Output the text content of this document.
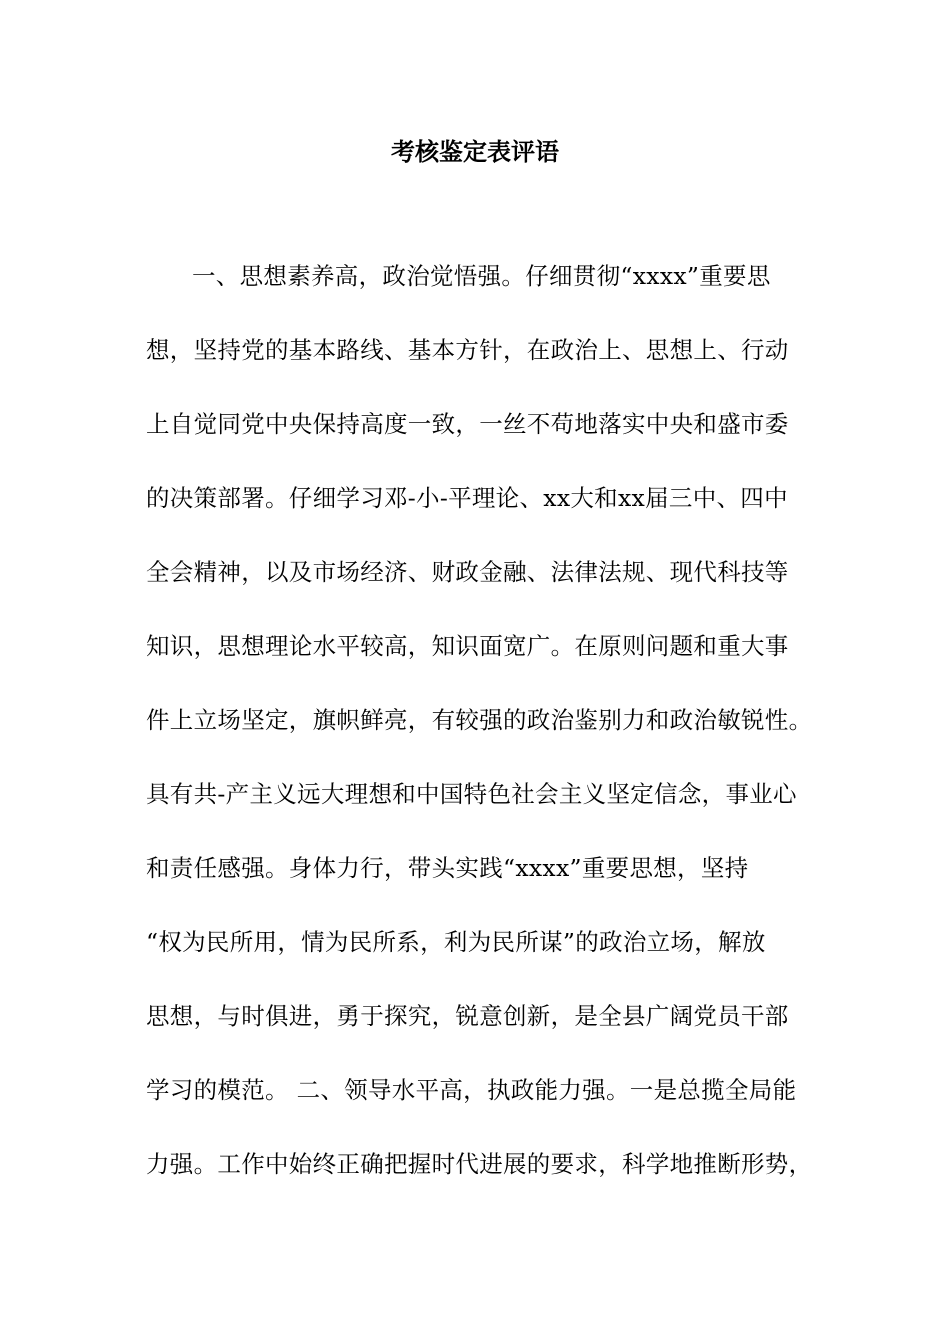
考核鉴定表评语
一、思想素养高，政治觉悟强。仔细贯彻“xxxx”重要思
想，坚持党的基本路线、基本方针，在政治上、思想上、行动
上自觉同党中央保持高度一致，一丝不苟地落实中央和盛市委
的决策部署。仔细学习邓-小-平理论、xx大和xx届三中、四中
全会精神，以及市场经济、财政金融、法律法规、现代科技等
知识，思想理论水平较高，知识面宽广。在原则问题和重大事
件上立场坚定，旗帜鲜亮，有较强的政治鉴别力和政治敏锐性。
具有共-产主义远大理想和中国特色社会主义坚定信念，事业心
和责任感强。身体力行，带头实践“xxxx”重要思想，坚持
“权为民所用，情为民所系，利为民所谋”的政治立场，解放
思想，与时俱进，勇于探究，锐意创新，是全县广阔党员干部
学习的模范。 二、领导水平高，执政能力强。一是总揽全局能
力强。工作中始终正确把握时代进展的要求，科学地推断形势，
